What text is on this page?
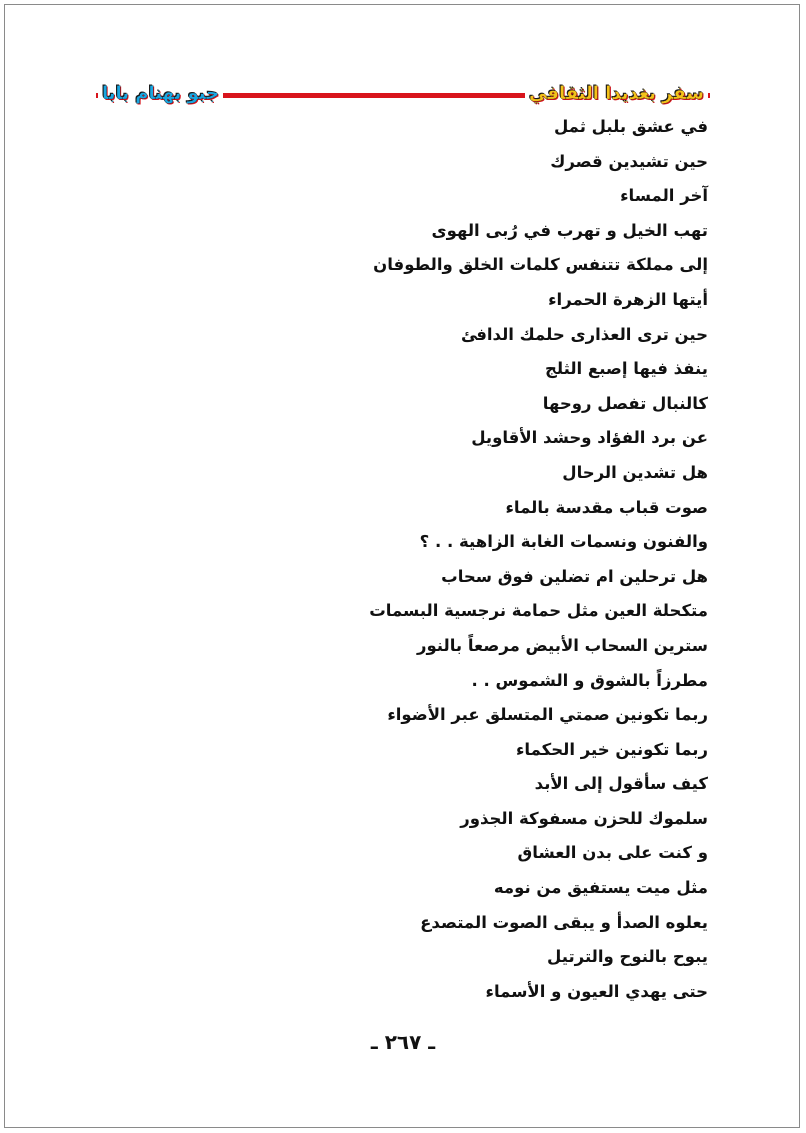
جبو بهنام بابا	سفر بغديدا الثقافي
في عشق بلبل ثمل
حين تشيدين قصرك
آخر المساء
تهب الخيل و تهرب في رُبى الهوى
إلى مملكة تتنفس كلمات الخلق والطوفان
أيتها الزهرة الحمراء
حين ترى العذارى حلمك الدافئ
ينفذ فيها إصبع الثلج
كالنبال تفصل روحها
عن برد الفؤاد وحشد الأقاويل
هل تشدين الرحال
صوت قباب مقدسة بالماء
والفنون ونسمات الغابة الزاهية . . ؟
هل ترحلين ام تضلين فوق سحاب
متكحلة العين مثل حمامة نرجسية البسمات
سترين السحاب الأبيض مرصعاً بالنور
مطرزاً بالشوق و الشموس . .
ربما تكونين صمتي المتسلق عبر الأضواء
ربما تكونين خير الحكماء
كيف سأقول إلى الأبد
سلموك للحزن مسفوكة الجذور
و كنت على بدن العشاق
مثل ميت يستفيق من نومه
يعلوه الصدأ و يبقى الصوت المتصدع
يبوح بالنوح والترتيل
حتى يهدي العيون و الأسماء
ـ ٢٦٧ ـ
